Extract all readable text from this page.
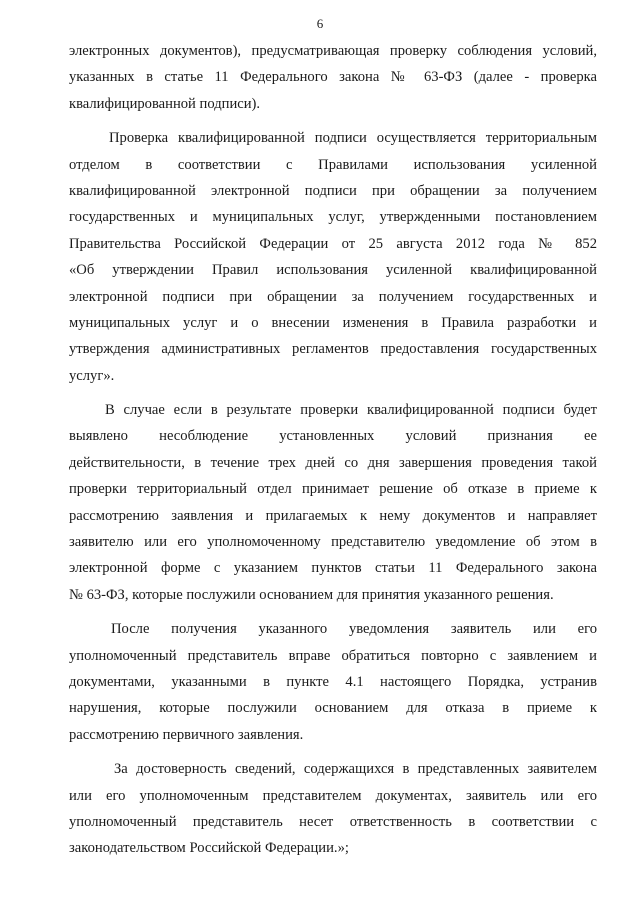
6
электронных документов), предусматривающая проверку соблюдения условий,
указанных в статье 11 Федерального закона № 63-ФЗ (далее - проверка
квалифицированной подписи).
Проверка квалифицированной подписи осуществляется территориальным
отделом в соответствии с Правилами использования усиленной
квалифицированной электронной подписи при обращении за получением
государственных и муниципальных услуг, утвержденными постановлением
Правительства Российской Федерации от 25 августа 2012 года № 852
«Об утверждении Правил использования усиленной квалифицированной
электронной подписи при обращении за получением государственных и
муниципальных услуг и о внесении изменения в Правила разработки и
утверждения административных регламентов предоставления государственных
услуг».
В случае если в результате проверки квалифицированной подписи будет
выявлено несоблюдение установленных условий признания ее
действительности, в течение трех дней со дня завершения проведения такой
проверки территориальный отдел принимает решение об отказе в приеме к
рассмотрению заявления и прилагаемых к нему документов и направляет
заявителю или его уполномоченному представителю уведомление об этом в
электронной форме с указанием пунктов статьи 11 Федерального закона
№ 63-ФЗ, которые послужили основанием для принятия указанного решения.
После получения указанного уведомления заявитель или его
уполномоченный представитель вправе обратиться повторно с заявлением и
документами, указанными в пункте 4.1 настоящего Порядка, устранив
нарушения, которые послужили основанием для отказа в приеме к
рассмотрению первичного заявления.
За достоверность сведений, содержащихся в представленных заявителем
или его уполномоченным представителем документах, заявитель или его
уполномоченный представитель несет ответственность в соответствии с
законодательством Российской Федерации.»;
